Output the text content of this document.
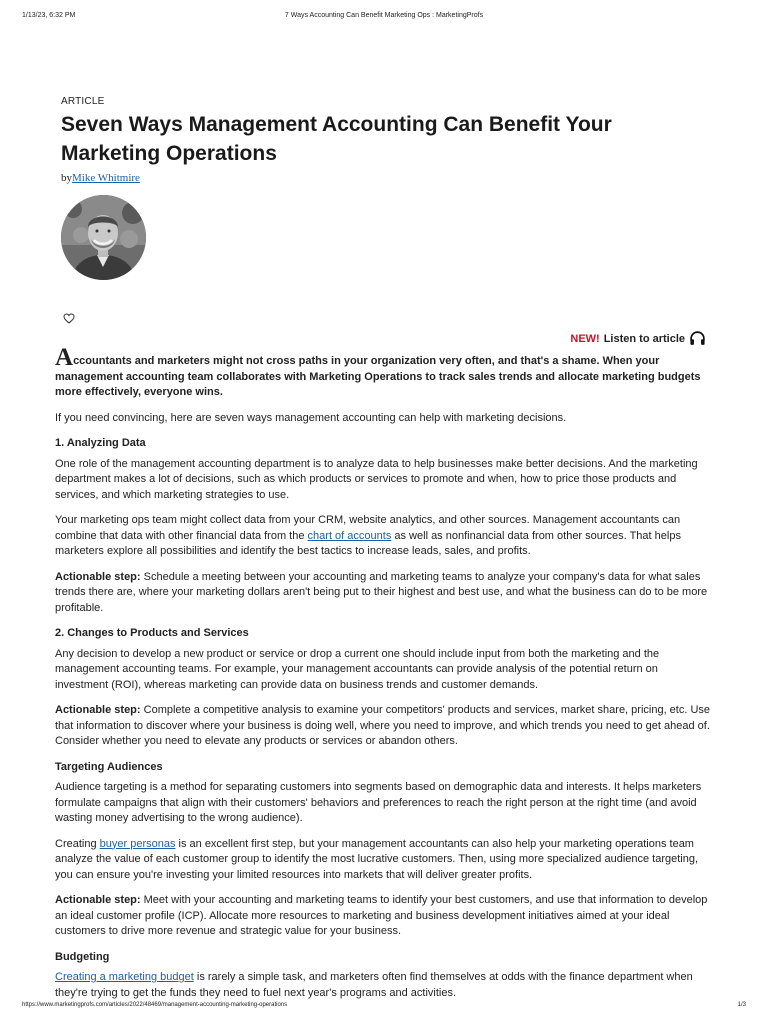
1/13/23, 6:32 PM	7 Ways Accounting Can Benefit Marketing Ops : MarketingProfs
ARTICLE
Seven Ways Management Accounting Can Benefit Your Marketing Operations
byMike Whitmire
NEW! Listen to article

Accountants and marketers might not cross paths in your organization very often, and that's a shame. When your management accounting team collaborates with Marketing Operations to track sales trends and allocate marketing budgets more effectively, everyone wins.

If you need convincing, here are seven ways management accounting can help with marketing decisions.

1. Analyzing Data

One role of the management accounting department is to analyze data to help businesses make better decisions. And the marketing department makes a lot of decisions, such as which products or services to promote and when, how to price those products and services, and which marketing strategies to use.

Your marketing ops team might collect data from your CRM, website analytics, and other sources. Management accountants can combine that data with other financial data from the chart of accounts as well as nonfinancial data from other sources. That helps marketers explore all possibilities and identify the best tactics to increase leads, sales, and profits.

Actionable step: Schedule a meeting between your accounting and marketing teams to analyze your company's data for what sales trends there are, where your marketing dollars aren't being put to their highest and best use, and what the business can do to be more profitable.

2. Changes to Products and Services

Any decision to develop a new product or service or drop a current one should include input from both the marketing and the management accounting teams. For example, your management accountants can provide analysis of the potential return on investment (ROI), whereas marketing can provide data on business trends and customer demands.

Actionable step: Complete a competitive analysis to examine your competitors' products and services, market share, pricing, etc. Use that information to discover where your business is doing well, where you need to improve, and which trends you need to get ahead of. Consider whether you need to elevate any products or services or abandon others.

Targeting Audiences

Audience targeting is a method for separating customers into segments based on demographic data and interests. It helps marketers formulate campaigns that align with their customers' behaviors and preferences to reach the right person at the right time (and avoid wasting money advertising to the wrong audience).

Creating buyer personas is an excellent first step, but your management accountants can also help your marketing operations team analyze the value of each customer group to identify the most lucrative customers. Then, using more specialized audience targeting, you can ensure you're investing your limited resources into markets that will deliver greater profits.

Actionable step: Meet with your accounting and marketing teams to identify your best customers, and use that information to develop an ideal customer profile (ICP). Allocate more resources to marketing and business development initiatives aimed at your ideal customers to drive more revenue and strategic value for your business.

Budgeting

Creating a marketing budget is rarely a simple task, and marketers often find themselves at odds with the finance department when they're trying to get the funds they need to fuel next year's programs and activities.

https://www.marketingprofs.com/articles/2022/48469/management-accounting-marketing-operations	1/3
